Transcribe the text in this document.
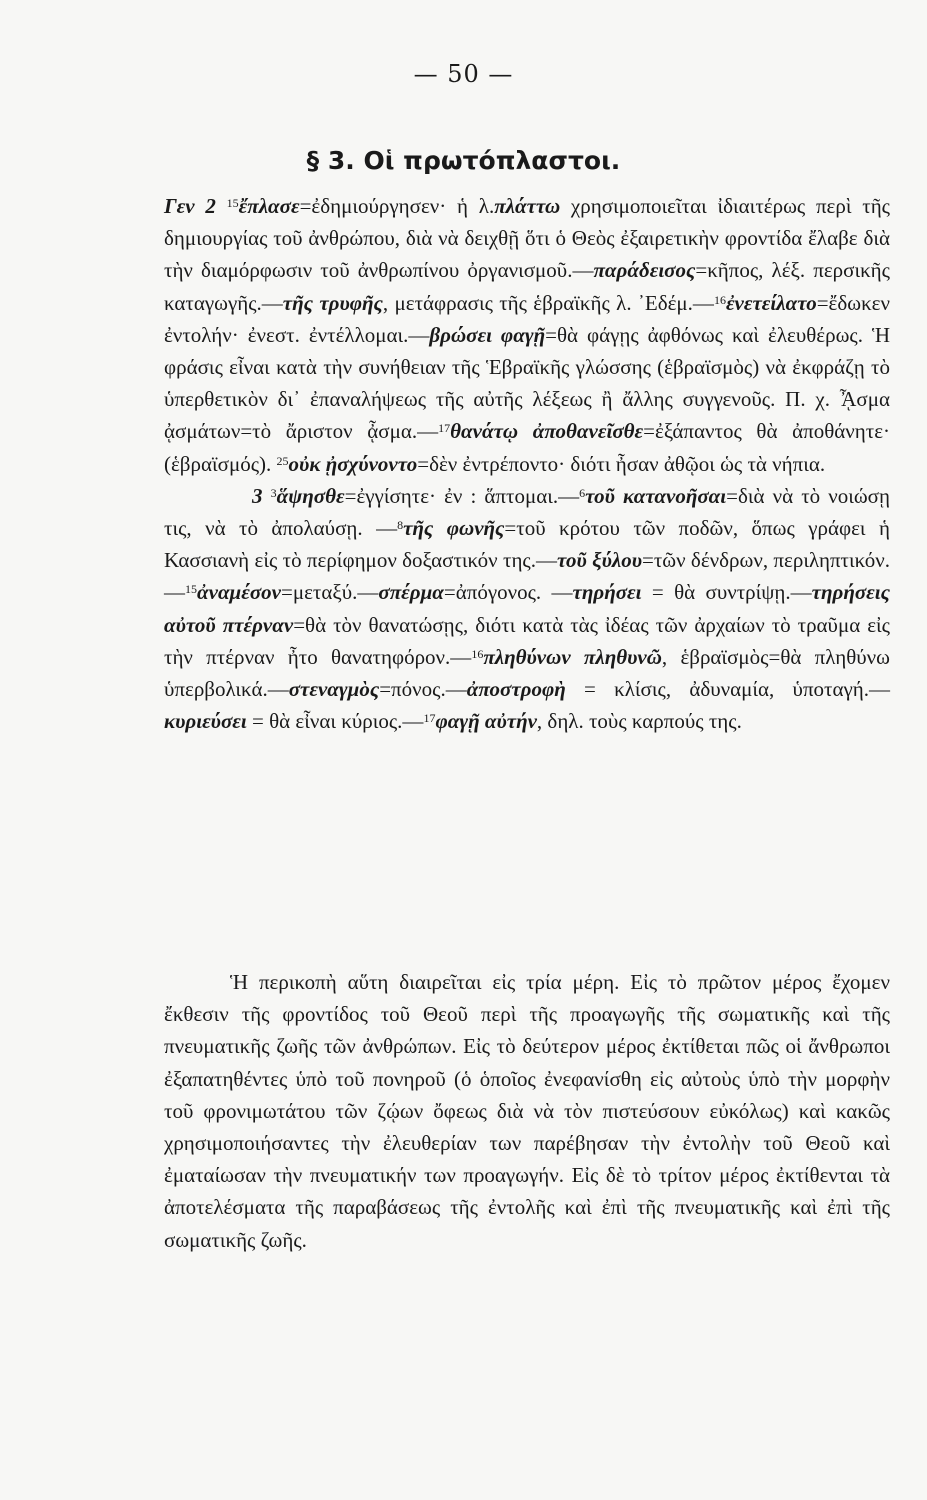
— 50 —
§ 3. Οἱ πρωτόπλαστοι.

Γεν 2 $^{15}$ἔπλασε=ἐδημιούργησεν· ἡ λ.πλάττω χρησιμοποιεῖται ἰδιαιτέρως περὶ τῆς δημιουργίας τοῦ ἀνθρώπου, διὰ νὰ δειχθῇ ὅτι ὁ Θεὸς ἐξαιρετικὴν φροντίδα ἔλαβε διὰ τὴν διαμόρφωσιν τοῦ ἀνθρωπίνου ὀργανισμοῦ.—παράδεισος=κῆπος, λέξ. περσικῆς καταγωγῆς.—τῆς τρυφῆς, μετάφρασις τῆς ἑβραϊκῆς λ. ᾽Εδέμ.—$^{16}$ἐνετείλατο=ἔδωκεν ἐντολήν· ἐνεστ. ἐντέλλομαι.—βρώσει φαγῇ=θὰ φάγῃς ἀφθόνως καὶ ἐλευθέρως. Ἡ φράσις εἶναι κατὰ τὴν συνήθειαν τῆς Ἑβραϊκῆς γλώσσης (ἑβραϊσμὸς) νὰ ἐκφράζῃ τὸ ὑπερθετικὸν δι᾽ ἐπαναλήψεως τῆς αὐτῆς λέξεως ἢ ἄλλης συγγενοῦς. Π. χ. ᾎσμα ᾀσμάτων=τὸ ἄριστον ᾆσμα.—$^{17}$θανάτῳ ἀποθανεῖσθε=ἐξάπαντος θὰ ἀποθάνητε· (ἑβραϊσμός). $^{25}$οὐκ ᾐσχύνοντο=δὲν ἐντρέποντο· διότι ἦσαν ἀθῷοι ὡς τὰ νήπια.
3 $^3$ἅψησθε=ἐγγίσητε· ἐν : ἅπτομαι.—$^6$τοῦ κατανοῆσαι=διὰ νὰ τὸ νοιώσῃ τις, νὰ τὸ ἀπολαύσῃ. —$^8$τῆς φωνῆς=τοῦ κρότου τῶν ποδῶν, ὅπως γράφει ἡ Κασσιανὴ εἰς τὸ περίφημον δοξαστικόν της.—τοῦ ξύλου=τῶν δένδρων, περιληπτικόν.—$^{15}$ἀναμέσον=μεταξύ.—σπέρμα=ἀπόγονος. —τηρήσει = θὰ συντρίψῃ.—τηρήσεις αὐτοῦ πτέρναν=θὰ τὸν θανατώσῃς, διότι κατὰ τὰς ἰδέας τῶν ἀρχαίων τὸ τραῦμα εἰς τὴν πτέρναν ἦτο θανατηφόρον.—$^{16}$πληθύνων πληθυνῶ, ἑβραϊσμὸς=θὰ πληθύνω ὑπερβολικά.—στεναγμὸς=πόνος.—ἀποστροφὴ = κλίσις, ἀδυναμία, ὑποταγή.—κυριεύσει = θὰ εἶναι κύριος.—$^{17}$φαγῇ αὐτήν, δηλ. τοὺς καρπούς της.

Ἡ περικοπὴ αὕτη διαιρεῖται εἰς τρία μέρη. Εἰς τὸ πρῶτον μέρος ἔχομεν ἔκθεσιν τῆς φροντίδος τοῦ Θεοῦ περὶ τῆς προαγωγῆς τῆς σωματικῆς καὶ τῆς πνευματικῆς ζωῆς τῶν ἀνθρώπων. Εἰς τὸ δεύτερον μέρος ἐκτίθεται πῶς οἱ ἄνθρωποι ἐξαπατηθέντες ὑπὸ τοῦ πονηροῦ (ὁ ὁποῖος ἐνεφανίσθη εἰς αὐτοὺς ὑπὸ τὴν μορφὴν τοῦ φρονιμωτάτου τῶν ζῴων ὄφεως διὰ νὰ τὸν πιστεύσουν εὐκόλως) καὶ κακῶς χρησιμοποιήσαντες τὴν ἐλευθερίαν των παρέβησαν τὴν ἐντολὴν τοῦ Θεοῦ καὶ ἐματαίωσαν τὴν πνευματικήν των προαγωγήν. Εἰς δὲ τὸ τρίτον μέρος ἐκτίθενται τὰ ἀποτελέσματα τῆς παραβάσεως τῆς ἐντολῆς καὶ ἐπὶ τῆς πνευματικῆς καὶ ἐπὶ τῆς σωματικῆς ζωῆς.
